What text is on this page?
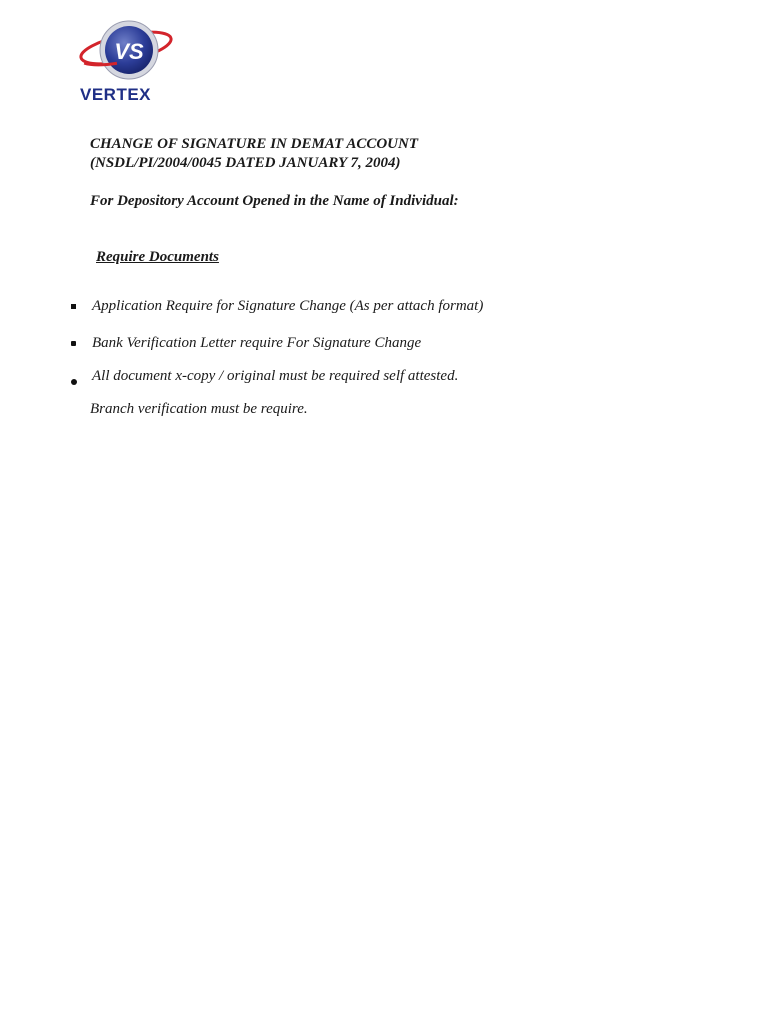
VS
VERTEX

CHANGE OF SIGNATURE IN DEMAT ACCOUNT

(NSDL/PI/2004/0045 DATED JANUARY 7, 2004)

For Depository Account Opened in the Name of Individual:

Require Documents

Application Require for Signature Change (As per attach format)
Bank Verification Letter require For Signature Change
All document x-copy / original must be required self attested.

Branch verification must be require.
